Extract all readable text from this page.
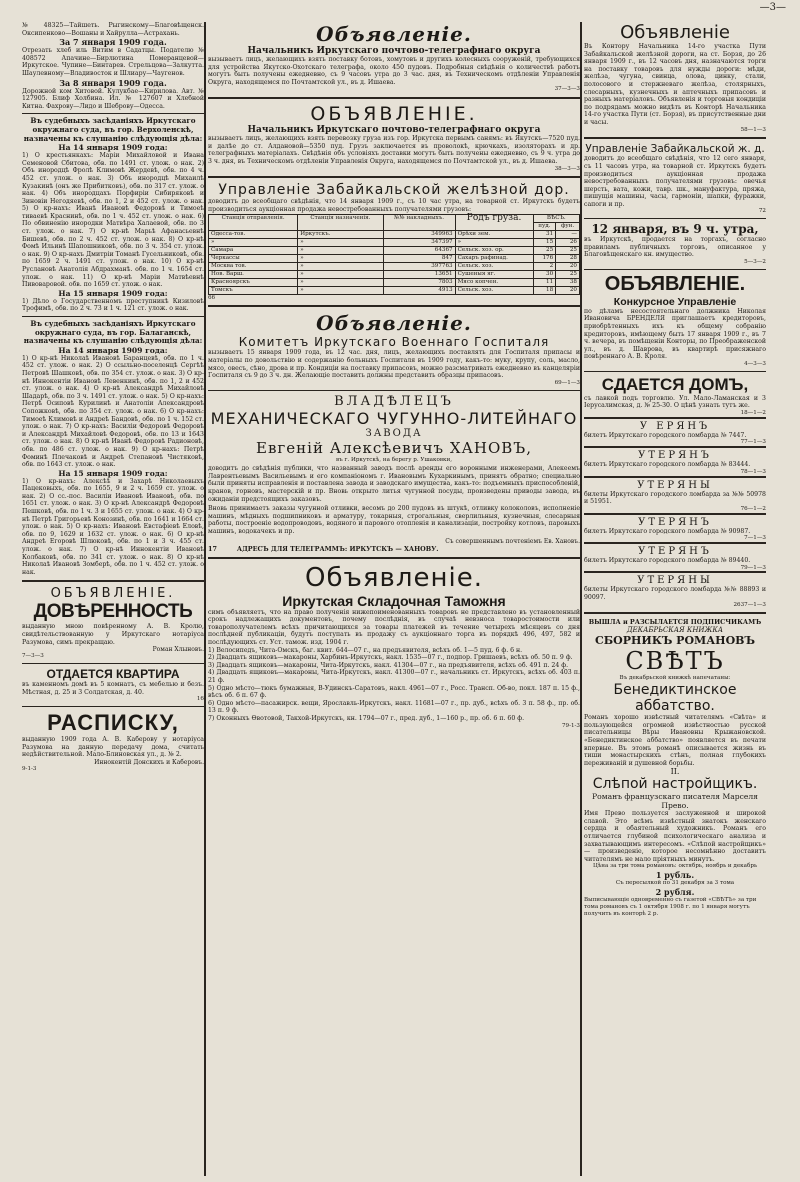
—3—
№ 48325—Тайшеть. Рыгинскому—Благовѣщенск. Оксипенково—Вошаны и Хайрулла—Астрахань.
За 7 января 1909 года.
Отрезать хлеб иль Витим в Садатцы. Подателю № 408572 Апачине—Бирлютина Померанцевой—Иркутское. Чупине—Бинтарев. Стрельцова—Залкутта. Шаулевному—Владивосток и Шлиару—Чаугенов.
За 8 января 1909 года.
Дорожной ком Хитовой. Кулукбае—Кирилова. Авт. № 127905. Блиф Холбина. Ил. № 127607 и Хлебной Китна. Фахрову—Лидо и Шеброву—Одесса.
Въ судебныхъ засѣданіяхъ Иркутскаго окружнаго суда, въ гор. Верхоленскѣ, назначены къ слушанію слѣдующія дѣла:
На 14 января 1909 года:
1) О крестьянкахъ: Маріи Михайловой и Ивана Семеновой Сбитова, обв. по 1491 ст. улож. о нак. 2) Объ инородцѣ Фролѣ Климовѣ Жердевѣ, обв. по 4 ч. 452 ст. улож. о нак. 3) Объ инородцѣ Михаилѣ Кузакинѣ (онъ же Прибитковъ), обв. по 317 ст. улож. о нак. 4) Объ инородцахъ Порфиріи Сибиряковѣ и Зиновіи Негодяевѣ, обв. по 1, 2 и 452 ст. улож. о нак. 5) О кр-нахъ: Иванѣ Ивановѣ Федоровѣ и Тимоеѣ тиваевѣ Краснинѣ, обв. по 1 ч. 452 ст. улож. о нак. 6) По обвиненію инородки Матвѣра Халаевой, обв. по 3 ст. улож. о нак. 7) О кр-нѣ Марьѣ Афанасьевнѣ Бишевѣ, обв. по 2 ч. 452 ст. улож. о нак. 8) О кр-нѣ Фомѣ Ильинѣ Шапошниковѣ, обв. по 3 ч. 354 ст. улож. о нак. 9) О кр-нахъ Дмитріи Томанѣ Гусельниковѣ, обв. по 1659 2 ч. 1491 ст. улож. о нак. 10) О кр-нѣ Руслановѣ Анатолія Абдрахманѣ. обв. по 1 ч. 1654 ст. улож. о нак. 11) О кр-нѣ Маріи Матвѣевнѣ Пивоваровой. обв. по 1659 ст. улож. о нак.
На 15 января 1909 года:
1) Дѣло о Государственномъ преступникѣ Кизиловѣ Трофимѣ, обв. по 2 ч. 73 и 1 ч. 121 ст. улож. о нак.
Въ судебныхъ засѣданіяхъ Иркутскаго окружнаго суда, въ гор. Балаганскѣ, назначены къ слушанію слѣдующія дѣла:
На 14 января 1909 года:
1) О кр-нѣ Николаѣ Ивановѣ Баранцевѣ, обв. по 1 ч. 452 ст. улож. о нак. 2) О ссыльно-поселенцѣ Сергѣѣ Петровѣ Шашковѣ, обв. по 354 ст. улож. о нак. 3) О кр-нѣ Иннокентіи Ивановѣ Левенкинѣ, обв. по 1, 2 и 452 ст. улож. о нак. 4) О кр-нѣ Александрѣ Михайловѣ Шадарѣ, обв. по 3 ч. 1491 ст. улож. о нак. 5) О кр-нахъ: Петрѣ Осиповѣ Курилинѣ и Анатоліи Александровѣ Сопожковѣ, обв. по 354 ст. улож. о нак. 6) О кр-нахъ: Тимоеѣ Климовѣ и Андреѣ Бандовѣ, обв. по 1 ч. 152 ст. улож. о нак. 7) О кр-нахъ: Василіи Федоровѣ Федоровѣ и Александрѣ Михайловѣ Федоровѣ, обв. по 13 и 1643 ст. улож. о нак. 8) О кр-нѣ Иванѣ Федоровѣ Радионовѣ, обв. по 486 ст. улож. о нак. 9) О кр-нахъ: Петрѣ Фоминѣ Плечаковѣ и Андреѣ Степановѣ Чистяковѣ, обв. по 1643 ст. улож. о нак.
На 15 января 1909 года:
1) О кр-нахъ: Алексѣѣ и Захарѣ Николаевыхъ Пацековыхъ, обв. по 1655, 9 и 2 ч. 1659 ст. улож. о нак. 2) О сс.-пос. Василіи Ивановѣ Ивановѣ, обв. по 1651 ст. улож. о нак. 3) О кр-нѣ Александрѣ Федоровѣ Пешковѣ, обв. по 1 ч. 3 и 1655 ст. улож. о нак. 4) О кр-нѣ Петрѣ Григорьевѣ Конозинѣ, обв. по 1641 и 1664 ст. улож. о нак. 5) О кр-нахъ: Ивановѣ Евстафіевѣ Еловѣ, обв. по 9, 1629 и 1632 ст. улож. о нак. 6) О кр-нѣ Андреѣ Егоровѣ Шлюковѣ, обв. по 1 и 3 ч. 455 ст. улож. о нак. 7) О кр-нѣ Иннокентіи Ивановѣ Колбаковѣ, обв. по 341 ст. улож. о нак. 8) О кр-нѣ Николаѣ Ивановѣ Зомберѣ, обв. по 1 ч. 452 ст. улож. о нак.
ОБЪЯВЛЕНІЕ.
ДОВѢРЕННОСТЬ
выданную мною повѣренному А. В. Кролю, свидѣтельствованную у Иркутскаго нотаріуса Разумова, симъ прекращаю.
Роман Хлыновъ.
7—3—3
ОТДАЕТСЯ КВАРТИРА
въ каменномъ домѣ въ 5 комнатъ, съ мебелью и безъ. Мѣстная, д. 25 и 3 Солдатская, д. 40.
16
РАСПИСКУ,
выданную 1909 года А. В. Каберову у нотаріуса Разумова на данную передачу дома, считать недѣйствительной. Мало-Блиновская ул., д. № 2.
Иннокентій Донскихъ и Каберовъ.
9-1-3
Объявленіе.
Начальникъ Иркутскаго почтово-телеграфнаго округа
вызываетъ лицъ, желающихъ взять поставку ботовъ, хомутовъ и другихъ колесныхъ сооруженій, требующихся для устройства Якутско-Охотскаго телеграфа, около 450 пудовъ. Подробныя свѣдѣнія о количествѣ работъ могутъ быть получены ежедневно, съ 9 часовъ утра до 3 час. дня, въ Техническомъ отдѣленіи Управленія Округа, находящемся по Почтамтской ул., въ д. Ишаева.
37—3—3
ОБЪЯВЛЕНІЕ.
Начальникъ Иркутскаго почтово-телеграфнаго округа
вызываетъ лицъ, желающихъ взять перевозку груза изъ гор. Иркутска первымъ санямъ: въ Якутскъ—7520 пуд. и далѣе до ст. Алдановой—5350 пуд. Грузъ заключается въ проволокѣ, крючкахъ, изоляторахъ и др. телеграфныхъ матеріалахъ. Свѣдѣнія объ условіяхъ доставки могутъ быть получены ежедневно, съ 9 ч. утра до 3 ч. дня, въ Техническомъ отдѣленіи Управленія Округа, находящемся по Почтамтской ул., въ д. Ишаева.
38—3—3
Управленіе Забайкальской желѣзной дор.
доводитъ до всеобщаго свѣдѣнія, что 14 января 1909 г., съ 10 час утра, на товарной ст. Иркутскъ будетъ производиться аукціонная продажа невостребованныхъ получателями грузовъ:
Станція отправленія.	Станція назначенія.	№№ накладныхъ.	Родъ груза.	ВѢСЪ.	
				пуд.	фун.
Одесса-тов.	Иркутскъ.	349963	Орѣхи зем.	31	—
»	»	347397	»	15	26
Самара	»	64367	Сельск. хоз. ор.	25	25
Черкассы	»	847	Сахаръ рафинад.	176	28
Москва тов.	»	397763	Сельск. хоз.	2	20
Нов. Варш.	»	13651	Сушеныя яг.	30	25
Красноярскъ	»	7803	Мясо копчен.	11	38
Томскъ	»	4913	Сельск. хоз.	18	20
66
Объявленіе.
Комитетъ Иркутскаго Военнаго Госпиталя
вызываетъ 15 января 1909 года, въ 12 час. дня, лицъ, желающихъ поставлять для Госпиталя припасы и матеріалы по довольствію и содержанію больныхъ Госпиталя въ 1909 году, какъ-то: муку, крупу, соль, масло, мясо, овесъ, сѣно, дрова и пр. Кондиціи на поставку припасовъ, можно разсматривать ежедневно въ канцеляріи Госпиталя съ 9 до 3 ч. дн. Желающіе поставить должны представить образцы припасовъ.
69—1—3
ВЛАДѢЛЕЦЪ
МЕХАНИЧЕСКАГО ЧУГУННО-ЛИТЕЙНАГО
ЗАВОДА
Евгеній Алексѣевичъ ХАНОВЪ,
въ г. Иркутскѣ, на берегу р. Ушаковки,
доводитъ до свѣдѣнія публики, что названный заводъ послѣ аренды его воронными инженерами, Алекеемъ Лаврентьевымъ Васильевымъ и его компаніономъ г. Ивановымъ Кухаркинымъ, принятъ обратно; специально были приняты исправленія и поставлена завода и заводскаго имущества, какъ-то: подъемныхъ приспособленій, кранов, горновъ, мастерскій и пр. Вновь открыто литья чугунной посуды, произведены приводы завода, въ ожиданіи предстоящихъ заказовъ.
Вновь принимаетъ заказы чугунной отливки, весомъ до 200 пудовъ въ штукѣ, отливку колоколовъ, исполненіе машинъ, мѣдныхъ подшипниковъ и арматуру, токарныя, строгальныя, сверлильныя, кузнечныя, слесарныя работы, построеніе водопроводовъ, водяного и парового отопленія и канализаціи, постройку котловъ, паровыхъ машинъ, водокачекъ и пр.
Съ совершеннымъ почтеніемъ Ев. Хановъ.
17	АДРЕСЪ ДЛЯ ТЕЛЕГРАММЪ: ИРКУТСКЪ — ХАНОВУ.
Объявленіе.
Иркутская Складочная Таможня
симъ объявляетъ, что на право полученія нижепоименованныхъ товаровъ не представлено въ установленный срокъ надлежащихъ документовъ, почему послѣднія, въ случаѣ невзноса товаростоимости или товарополучателемъ всѣхъ причитающихся за товары платежей въ течение четырехъ мѣсяцевъ со дня послѣдней публикаціи, будутъ поступать въ продажу съ аукціоннаго торга въ порядкѣ 496, 497, 582 и послѣдующихъ ст. Уст. тамож. изд. 1904 г.
1) Велосипедъ, Чита-Омскъ, баг. квит. 644—07 г., на предъявителя, всѣхъ об. 1—5 пуд. 6 ф. 6 н.
2) Двадцать ящиковъ—макароны, Харбинъ-Иркутскъ, накл. 1535—07 г., подпор. Гришаевъ, всѣхъ об. 50 п. 9 ф.
3) Двадцать ящиковъ—макароны, Чита-Иркутскъ, накл. 41304—07 г., на предъявителя, всѣхъ об. 491 п. 24 ф.
4) Двадцать ящиковъ—макароны, Чита-Иркутскъ, накл. 41300—07 г., начальникъ ст. Иркутскъ, всѣхъ об. 403 п. 21 ф.
5) Одно мѣсто—тюкъ бумажныя, В-Удинскъ-Саратовъ, накл. 4961—07 г., Росс. Трансп. Об-во, покл. 187 п. 15 ф., вѣсъ об. 6 п. 67 ф.
6) Одно мѣсто—пасажирск. вещи, Ярославль-Иркутскъ, накл. 11681—07 г., пр. дуб., всѣхъ об. 3 п. 58 ф., пр. об. 13 п. 9 ф.
7) Оконныхъ Ѳвотовой, Такхой-Иркутскъ, кн. 1794—07 г., пред. дуб., 1—160 р., пр. об. 6 п. 60 ф.
79-1-3
Объявленіе
Въ Контору Начальника 14-го участка Пути Забайкальской желѣзной дороги, на ст. Борзя, до 26 января 1909 г., въ 12 часовъ дня, назначаются торги на поставку товаровъ для нужды дороги: мѣди, желѣза, чугуна, свинца, олова, цинку, стали, полосового и стержневаго желѣза, столярныхъ, слесарныхъ, кузнечныхъ и аптечныхъ припасовъ и разныхъ матеріаловъ. Объявленія и торговыя кондиціи по подрядамъ можно видѣть въ Конторѣ Начальника 14-го участка Пути (ст. Борзя), въ присутственные дни и часы.
58—1—3
Управленіе Забайкальской ж. д.
доводитъ до всеобщаго свѣдѣнія, что 12 сего января, съ 11 часовъ утра, на товарной ст. Иркутскъ будетъ производиться аукціонная продажа невостребованныхъ получателями грузовъ: овечья шерсть, вата, кожи, тавр. шк., мануфактура, пряжа, пишущія машины, часы, гармоніи, шапки, фуражки, сапоги и пр.
72
12 января, въ 9 ч. утра,
въ Иркутскѣ, продается на торгахъ, согласно правиламъ публичныхъ торговъ, описанное у Благовѣщенскаго кн. имущество.
5—3—2
ОБЪЯВЛЕНІЕ.
Конкурсное Управленіе
по дѣламъ несостоятельнаго должника Николая Ивановича БРЕНДЕЛЯ приглашаетъ кредиторовъ, приобрѣтенныхъ ихъ къ общему собранію кредиторовъ, имѣющему быть 17 января 1909 г., въ 7 ч. вечера, въ помѣщеніи Конторы, по Преображенской ул., въ д. Шаврова, въ квартирѣ присяжнаго повѣреннаго А. В. Кроля.
4—3—3
СДАЕТСЯ ДОМЪ,
съ лавкой подъ торговлю. Ул. Мало-Ламанская и 3 Іерусалимская, д. № 25-30. О цѣнѣ узнать тутъ же.
18—1—2
У ЕРЯНЪ
билетъ Иркутскаго городского ломбарда № 7447.
77—1—3
УТЕРЯНЪ
билетъ Иркутскаго городского ломбарда № 83444.
78—1—3
УТЕРЯНЫ
билеты Иркутскаго городского ломбарда за №№ 50978 и 51951.
76—1—2
УТЕРЯНЪ
билетъ Иркутскаго городского ломбарда № 90987.
7—1—3
УТЕРЯНЪ
билетъ Иркутскаго городского ломбарда № 89440.
79—1—3
УТЕРЯНЫ
билеты Иркутскаго городского ломбарда №№ 88893 и 90097.
2637—1—3
ВЫШЛА и РАЗСЫЛАЕТСЯ ПОДПИСЧИКАМЪ
ДЕКАБРЬСКАЯ КНИЖКА
СБОРНИКЪ РОМАНОВЪ
СВѢТЪ
Въ декабрьской книжкѣ напечатаны:
Бенедиктинское аббатство.
Романъ хорошо извѣстный читателямъ «Свѣта» и пользующейся огромной извѣстностью русской писательницы Вѣры Ивановны Крыжановской. «Бенедиктинское аббатство» появляется въ печати впервые. Въ этомъ романѣ описывается жизнь въ тиши монастырскихъ стѣнъ, полная глубокихъ переживаній и душевной борьбы.
II.
Слѣпой настройщикъ.
Романъ французскаго писателя Марселя Прево.
Имя Прево пользуется заслуженной и широкой славой. Это всѣмъ извѣстный знатокъ женскаго сердца и обаятельный художникъ. Романъ его отличается глубиной психологическаго анализа и захватывающимъ интересомъ. «Слѣпой настройщикъ» — произведеніе, которое несомнѣнно доставитъ читателямъ не мало пріятныхъ минутъ.
Цѣна за три тома романовъ: октябрь, ноябрь и декабрь
1 рубль.
Съ пересылкой по 31 декабря за 3 тома
2 рубля.
Выписывающіе одновременно съ газетой «СВѢТЪ» за три тома романовъ съ 1 октября 1908 г. по 1 января могутъ получить въ конторѣ 2 р.
